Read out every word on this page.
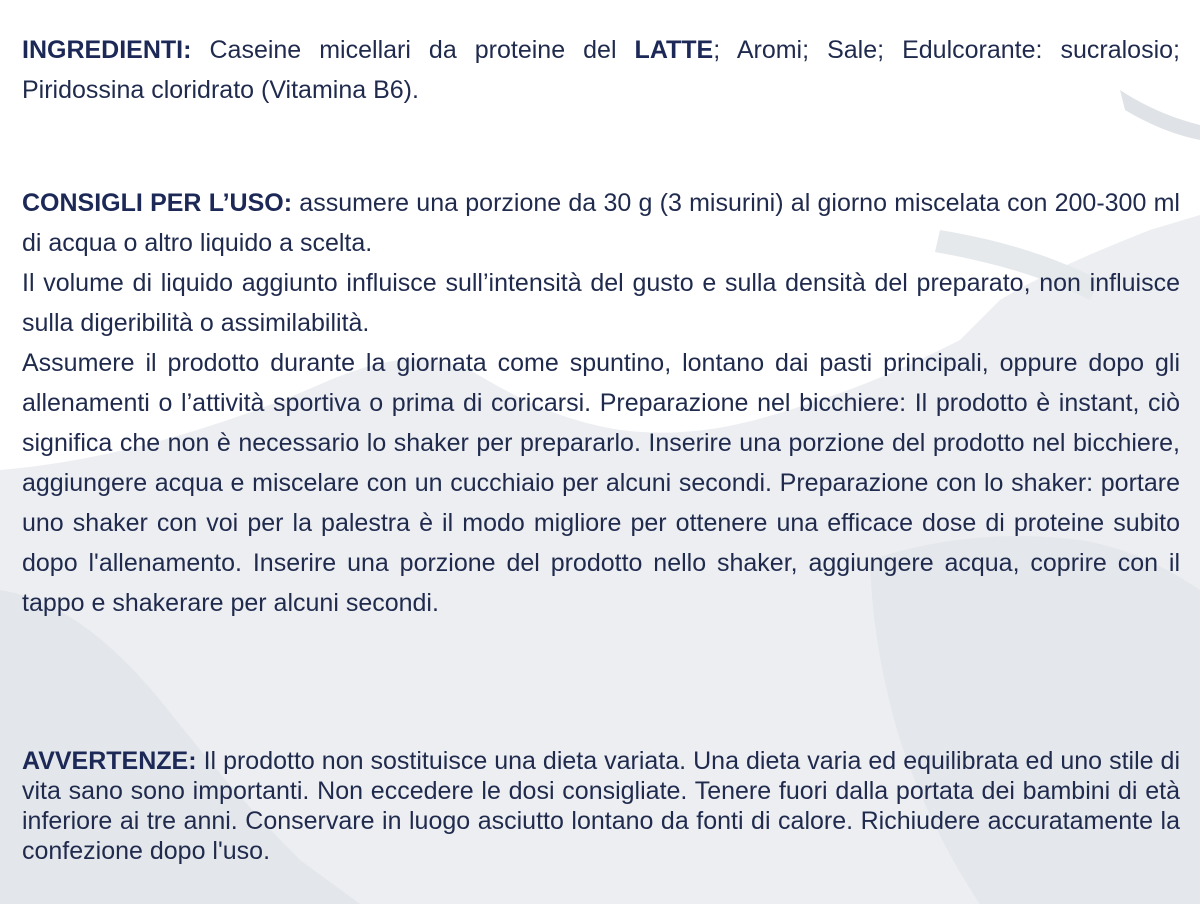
INGREDIENTI: Caseine micellari da proteine del LATTE; Aromi; Sale; Edulcorante: sucralosio; Piridossina cloridrato (Vitamina B6).

CONSIGLI PER L’USO: assumere una porzione da 30 g (3 misurini) al giorno miscelata con 200-300 ml di acqua o altro liquido a scelta.

Il volume di liquido aggiunto influisce sull’intensità del gusto e sulla densità del preparato, non influisce sulla digeribilità o assimilabilità.

Assumere il prodotto durante la giornata come spuntino, lontano dai pasti principali, oppure dopo gli allenamenti o l’attività sportiva o prima di coricarsi. Preparazione nel bicchiere: Il prodotto è instant, ciò significa che non è necessario lo shaker per prepararlo. Inserire una porzione del prodotto nel bicchiere, aggiungere acqua e miscelare con un cucchiaio per alcuni secondi. Preparazione con lo shaker: portare uno shaker con voi per la palestra è il modo migliore per ottenere una efficace dose di proteine subito dopo l'allenamento. Inserire una porzione del prodotto nello shaker, aggiungere acqua, coprire con il tappo e shakerare per alcuni secondi.

AVVERTENZE: Il prodotto non sostituisce una dieta variata. Una dieta varia ed equilibrata ed uno stile di vita sano sono importanti. Non eccedere le dosi consigliate. Tenere fuori dalla portata dei bambini di età inferiore ai tre anni. Conservare in luogo asciutto lontano da fonti di calore. Richiudere accuratamente la confezione dopo l'uso.
